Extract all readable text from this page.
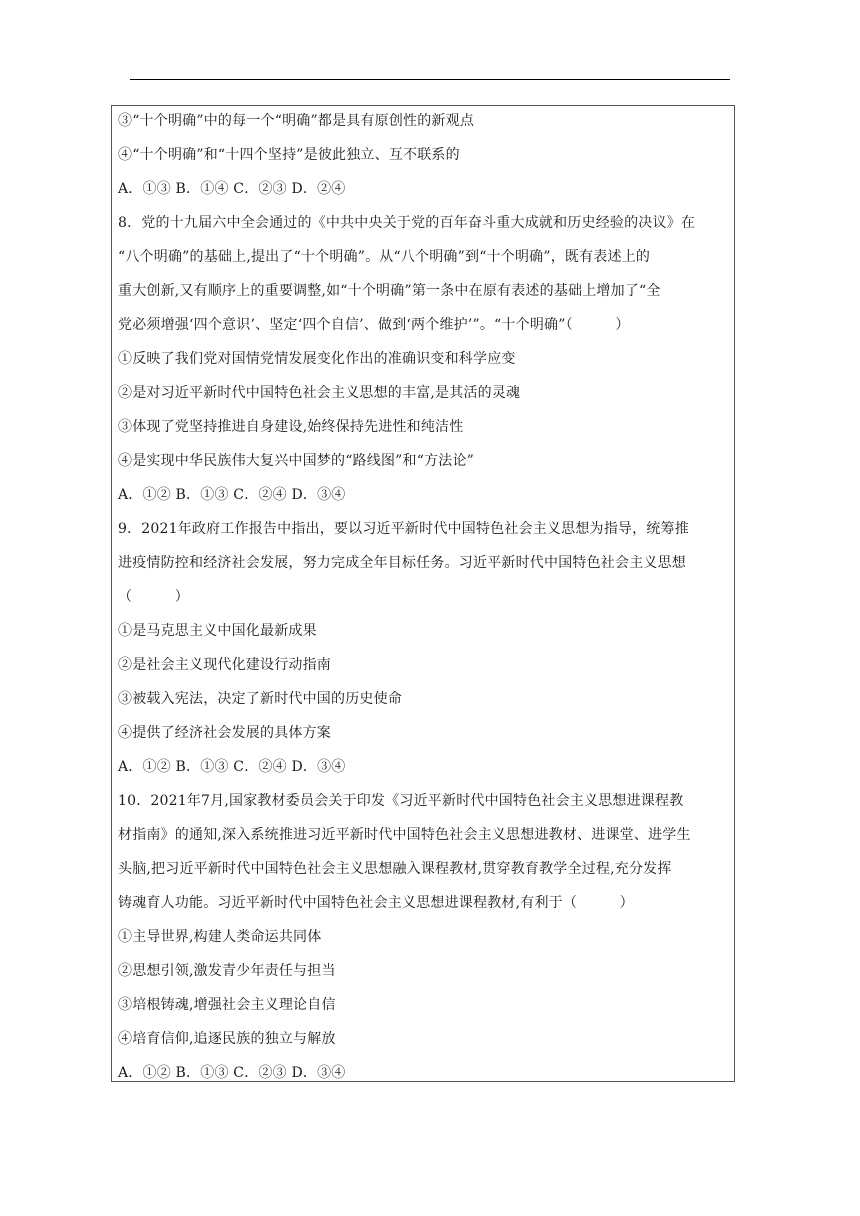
③“十个明确”中的每一个“明确”都是具有原创性的新观点
④“十个明确”和“十四个坚持”是彼此独立、互不联系的
A．①③ B．①④ C．②③ D．②④
8．党的十九届六中全会通过的《中共中央关于党的百年奋斗重大成就和历史经验的决议》在
“八个明确”的基础上,提出了“十个明确”。从“八个明确”到“十个明确”，既有表述上的
重大创新,又有顺序上的重要调整,如“十个明确”第一条中在原有表述的基础上增加了“全
党必须增强‘四个意识’、坚定‘四个自信’、做到‘两个维护’”。“十个明确”（　　　）
①反映了我们党对国情党情发展变化作出的准确识变和科学应变
②是对习近平新时代中国特色社会主义思想的丰富,是其活的灵魂
③体现了党坚持推进自身建设,始终保持先进性和纯洁性
④是实现中华民族伟大复兴中国梦的“路线图”和“方法论”
A．①② B．①③ C．②④ D．③④
9．2021年政府工作报告中指出，要以习近平新时代中国特色社会主义思想为指导，统筹推
进疫情防控和经济社会发展，努力完成全年目标任务。习近平新时代中国特色社会主义思想
（　　　）
①是马克思主义中国化最新成果
②是社会主义现代化建设行动指南
③被载入宪法，决定了新时代中国的历史使命
④提供了经济社会发展的具体方案
A．①② B．①③ C．②④ D．③④
10．2021年7月,国家教材委员会关于印发《习近平新时代中国特色社会主义思想进课程教
材指南》的通知,深入系统推进习近平新时代中国特色社会主义思想进教材、进课堂、进学生
头脑,把习近平新时代中国特色社会主义思想融入课程教材,贯穿教育教学全过程,充分发挥
铸魂育人功能。习近平新时代中国特色社会主义思想进课程教材,有利于（　　　）
①主导世界,构建人类命运共同体
②思想引领,激发青少年责任与担当
③培根铸魂,增强社会主义理论自信
④培育信仰,追逐民族的独立与解放
A．①② B．①③ C．②③ D．③④
